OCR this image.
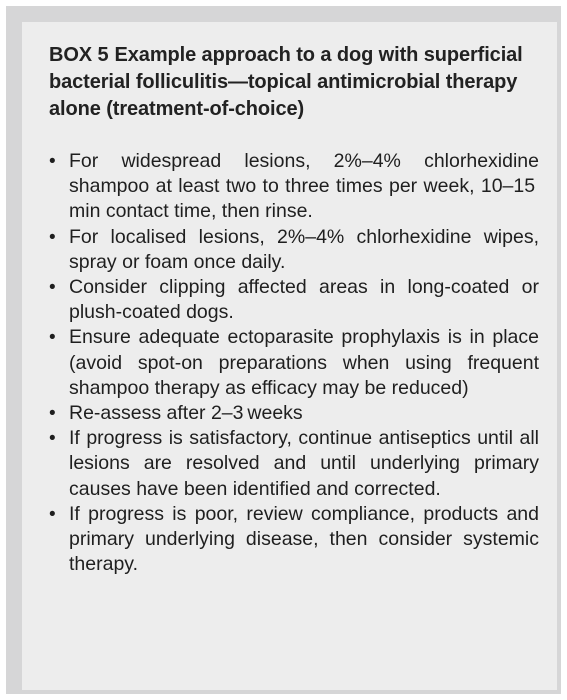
BOX 5 Example approach to a dog with superficial bacterial folliculitis—topical antimicrobial therapy alone (treatment-of-choice)
• For widespread lesions, 2%–4% chlorhexidine shampoo at least two to three times per week, 10–15 min contact time, then rinse.
• For localised lesions, 2%–4% chlorhexidine wipes, spray or foam once daily.
• Consider clipping affected areas in long-coated or plush-coated dogs.
• Ensure adequate ectoparasite prophylaxis is in place (avoid spot-on preparations when using frequent shampoo therapy as efficacy may be reduced)
• Re-assess after 2–3 weeks
• If progress is satisfactory, continue antiseptics until all lesions are resolved and until underlying primary causes have been identified and corrected.
• If progress is poor, review compliance, products and primary underlying disease, then consider systemic therapy.
